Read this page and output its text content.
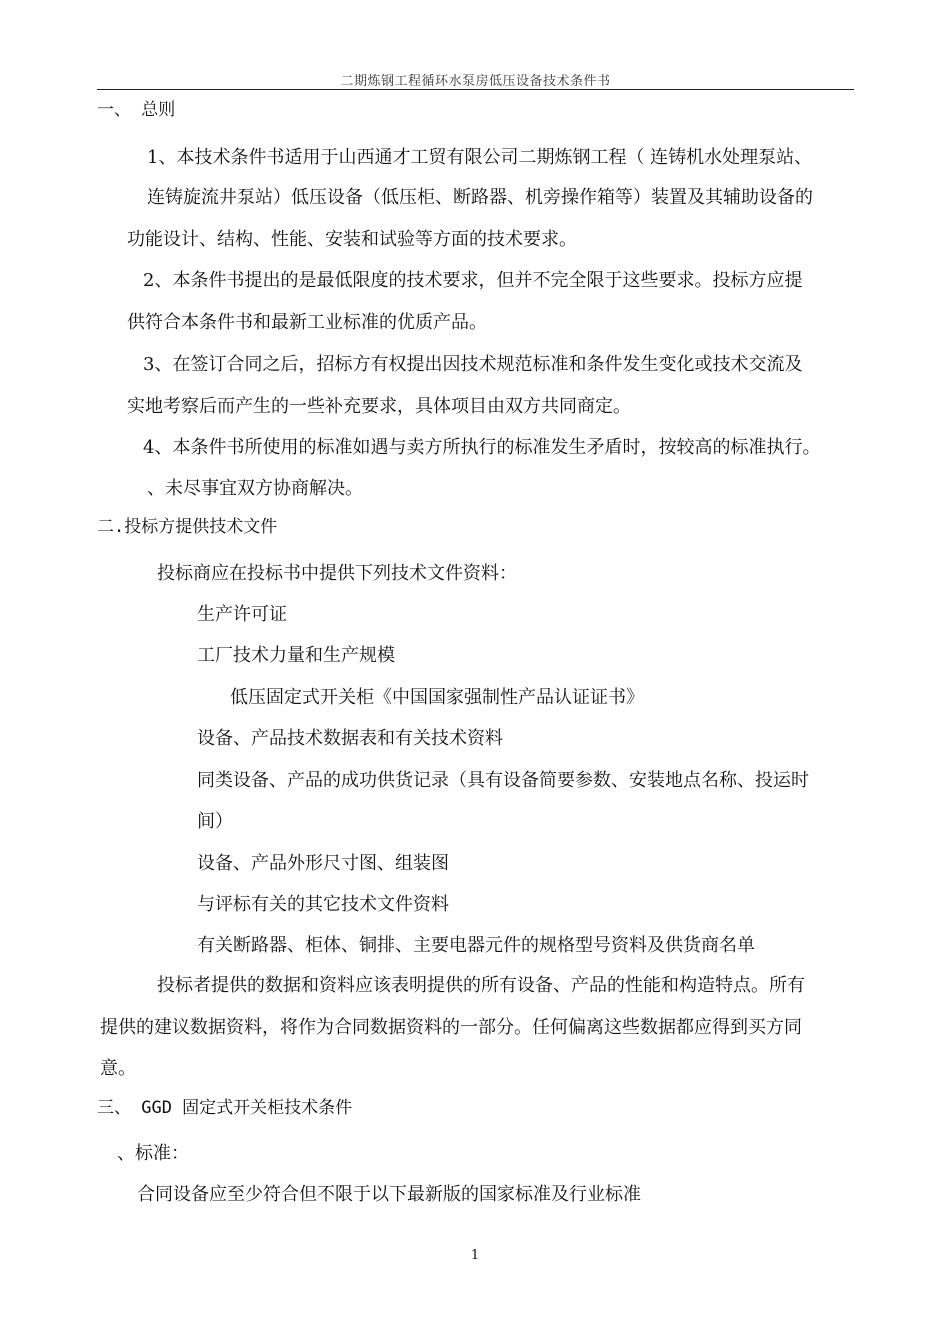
二期炼钢工程循环水泵房低压设备技术条件书
一、 总则
1、本技术条件书适用于山西通才工贸有限公司二期炼钢工程（ 连铸机水处理泵站、
连铸旋流井泵站）低压设备（低压柜、断路器、机旁操作箱等）装置及其辅助设备的
功能设计、结构、性能、安装和试验等方面的技术要求。
2、本条件书提出的是最低限度的技术要求，但并不完全限于这些要求。投标方应提
供符合本条件书和最新工业标准的优质产品。
3、在签订合同之后，招标方有权提出因技术规范标准和条件发生变化或技术交流及
实地考察后而产生的一些补充要求，具体项目由双方共同商定。
4、本条件书所使用的标准如遇与卖方所执行的标准发生矛盾时，按较高的标准执行。
、未尽事宜双方协商解决。
二.投标方提供技术文件
投标商应在投标书中提供下列技术文件资料：
生产许可证
工厂技术力量和生产规模
低压固定式开关柜《中国国家强制性产品认证证书》
设备、产品技术数据表和有关技术资料
同类设备、产品的成功供货记录（具有设备简要参数、安装地点名称、投运时
间）
设备、产品外形尺寸图、组装图
与评标有关的其它技术文件资料
有关断路器、柜体、铜排、主要电器元件的规格型号资料及供货商名单
投标者提供的数据和资料应该表明提供的所有设备、产品的性能和构造特点。所有
提供的建议数据资料，将作为合同数据资料的一部分。任何偏离这些数据都应得到买方同
意。
三、 GGD 固定式开关柜技术条件
、标准：
合同设备应至少符合但不限于以下最新版的国家标准及行业标准
1
